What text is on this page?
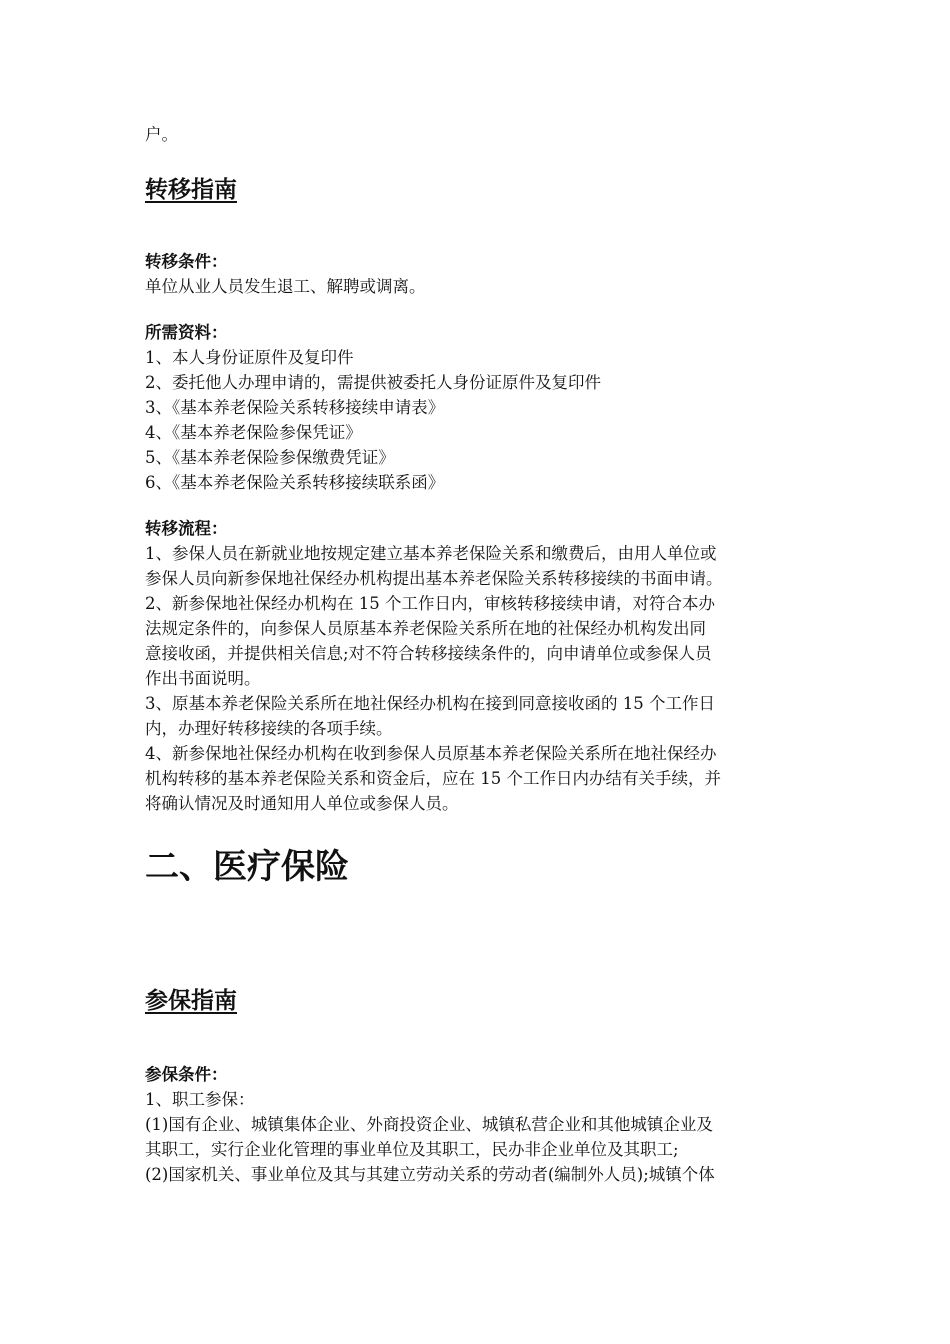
户。
转移指南
转移条件：
单位从业人员发生退工、解聘或调离。
所需资料：
1、本人身份证原件及复印件
2、委托他人办理申请的，需提供被委托人身份证原件及复印件
3、《基本养老保险关系转移接续申请表》
4、《基本养老保险参保凭证》
5、《基本养老保险参保缴费凭证》
6、《基本养老保险关系转移接续联系函》
转移流程：
1、参保人员在新就业地按规定建立基本养老保险关系和缴费后，由用人单位或
参保人员向新参保地社保经办机构提出基本养老保险关系转移接续的书面申请。
2、新参保地社保经办机构在 15 个工作日内，审核转移接续申请，对符合本办
法规定条件的，向参保人员原基本养老保险关系所在地的社保经办机构发出同
意接收函，并提供相关信息;对不符合转移接续条件的，向申请单位或参保人员
作出书面说明。
3、原基本养老保险关系所在地社保经办机构在接到同意接收函的 15 个工作日
内，办理好转移接续的各项手续。
4、新参保地社保经办机构在收到参保人员原基本养老保险关系所在地社保经办
机构转移的基本养老保险关系和资金后，应在 15 个工作日内办结有关手续，并
将确认情况及时通知用人单位或参保人员。
二、医疗保险
参保指南
参保条件：
1、职工参保：
(1)国有企业、城镇集体企业、外商投资企业、城镇私营企业和其他城镇企业及
其职工，实行企业化管理的事业单位及其职工，民办非企业单位及其职工;
(2)国家机关、事业单位及其与其建立劳动关系的劳动者(编制外人员);城镇个体
